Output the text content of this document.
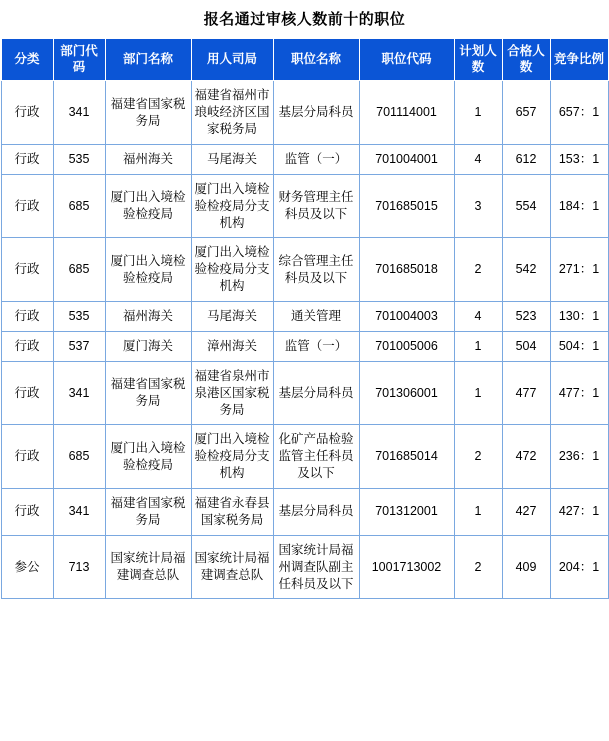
报名通过审核人数前十的职位
分类	部门代码	部门名称	用人司局	职位名称	职位代码	计划人数	合格人数	竞争比例
行政	341	福建省国家税务局	福建省福州市琅岐经济区国家税务局	基层分局科员	701114001	1	657	657：1
行政	535	福州海关	马尾海关	监管（一）	701004001	4	612	153：1
行政	685	厦门出入境检验检疫局	厦门出入境检验检疫局分支机构	财务管理主任科员及以下	701685015	3	554	184：1
行政	685	厦门出入境检验检疫局	厦门出入境检验检疫局分支机构	综合管理主任科员及以下	701685018	2	542	271：1
行政	535	福州海关	马尾海关	通关管理	701004003	4	523	130：1
行政	537	厦门海关	漳州海关	监管（一）	701005006	1	504	504：1
行政	341	福建省国家税务局	福建省泉州市泉港区国家税务局	基层分局科员	701306001	1	477	477：1
行政	685	厦门出入境检验检疫局	厦门出入境检验检疫局分支机构	化矿产品检验监管主任科员及以下	701685014	2	472	236：1
行政	341	福建省国家税务局	福建省永春县国家税务局	基层分局科员	701312001	1	427	427：1
参公	713	国家统计局福建调查总队	国家统计局福建调查总队	国家统计局福州调查队副主任科员及以下	1001713002	2	409	204：1
